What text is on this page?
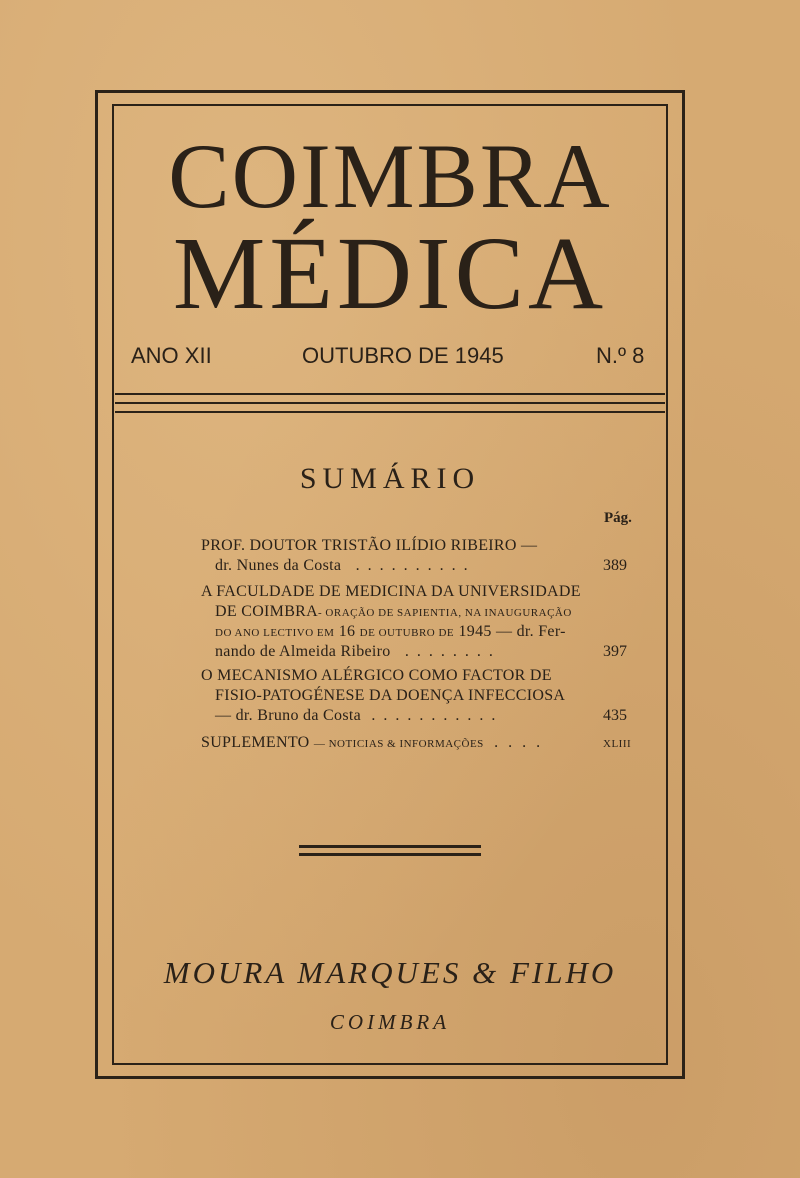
COIMBRA
MÉDICA
ANO XII	OUTUBRO DE 1945	N.º 8
SUMÁRIO
Pág.
PROF. DOUTOR TRISTÃO ILÍDIO RIBEIRO —
dr. Nunes da Costa . . . . . . . . . .	389
A FACULDADE DE MEDICINA DA UNIVERSIDADE
DE COIMBRA- ORAÇÃO DE SAPIENTIA, NA INAUGURAÇÃO
DO ANO LECTIVO EM 16 DE OUTUBRO DE 1945 — dr. Fer-
nando de Almeida Ribeiro . . . . . . . .	397
O MECANISMO ALÉRGICO COMO FACTOR DE
FISIO-PATOGÉNESE DA DOENÇA INFECCIOSA
— dr. Bruno da Costa . . . . . . . . . . .	435
SUPLEMENTO — NOTICIAS & INFORMAÇÕES . . . .	XLIII
MOURA MARQUES & FILHO
COIMBRA
